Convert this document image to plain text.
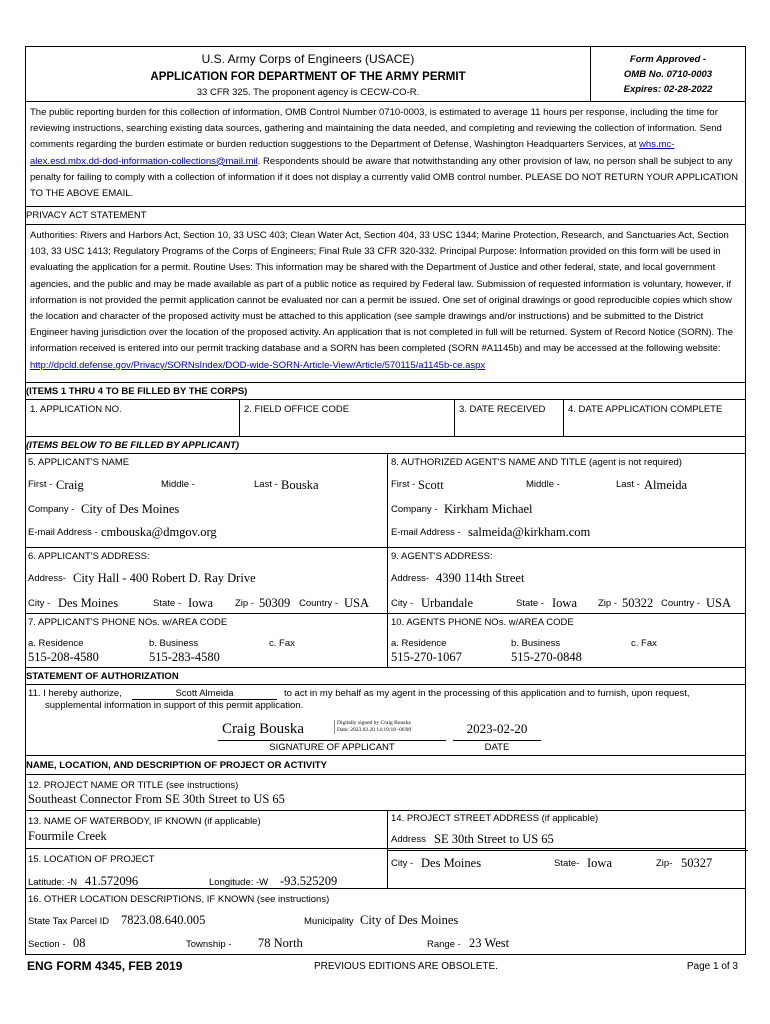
U.S. Army Corps of Engineers (USACE)
APPLICATION FOR DEPARTMENT OF THE ARMY PERMIT
33 CFR 325. The proponent agency is CECW-CO-R.
Form Approved -
OMB No. 0710-0003
Expires: 02-28-2022
The public reporting burden for this collection of information, OMB Control Number 0710-0003, is estimated to average 11 hours per response, including the time for reviewing instructions, searching existing data sources, gathering and maintaining the data needed, and completing and reviewing the collection of information. Send comments regarding the burden estimate or burden reduction suggestions to the Department of Defense, Washington Headquarters Services, at whs.mc-alex.esd.mbx.dd-dod-information-collections@mail.mil. Respondents should be aware that notwithstanding any other provision of law, no person shall be subject to any penalty for failing to comply with a collection of information if it does not display a currently valid OMB control number. PLEASE DO NOT RETURN YOUR APPLICATION TO THE ABOVE EMAIL.
PRIVACY ACT STATEMENT
Authorities: Rivers and Harbors Act, Section 10, 33 USC 403; Clean Water Act, Section 404, 33 USC 1344; Marine Protection, Research, and Sanctuaries Act, Section 103, 33 USC 1413; Regulatory Programs of the Corps of Engineers; Final Rule 33 CFR 320-332. Principal Purpose: Information provided on this form will be used in evaluating the application for a permit. Routine Uses: This information may be shared with the Department of Justice and other federal, state, and local government agencies, and the public and may be made available as part of a public notice as required by Federal law. Submission of requested information is voluntary, however, if information is not provided the permit application cannot be evaluated nor can a permit be issued. One set of original drawings or good reproducible copies which show the location and character of the proposed activity must be attached to this application (see sample drawings and/or instructions) and be submitted to the District Engineer having jurisdiction over the location of the proposed activity. An application that is not completed in full will be returned. System of Record Notice (SORN). The information received is entered into our permit tracking database and a SORN has been completed (SORN #A1145b) and may be accessed at the following website: http://dpcld.defense.gov/Privacy/SORNsIndex/DOD-wide-SORN-Article-View/Article/570115/a1145b-ce.aspx
(ITEMS 1 THRU 4 TO BE FILLED BY THE CORPS)
1. APPLICATION NO.	2. FIELD OFFICE CODE	3. DATE RECEIVED	4. DATE APPLICATION COMPLETE
(ITEMS BELOW TO BE FILLED BY APPLICANT)
5. APPLICANT'S NAME
First - Craig	Middle -	Last - Bouska
Company - City of Des Moines
E-mail Address - cmbouska@dmgov.org
8. AUTHORIZED AGENT'S NAME AND TITLE (agent is not required)
First - Scott	Middle -	Last - Almeida
Company - Kirkham Michael
E-mail Address - salmeida@kirkham.com
6. APPLICANT'S ADDRESS:
Address- City Hall - 400 Robert D. Ray Drive
City - Des Moines	State - Iowa Zip - 50309 Country - USA
9. AGENT'S ADDRESS:
Address- 4390 114th Street
City - Urbandale	State - Iowa Zip - 50322 Country - USA
7. APPLICANT'S PHONE NOs. w/AREA CODE
a. Residence
515-208-4580
b. Business
515-283-4580
c. Fax
10. AGENTS PHONE NOs. w/AREA CODE
a. Residence
515-270-1067
b. Business
515-270-0848
c. Fax
STATEMENT OF AUTHORIZATION
11. I hereby authorize,	Scott Almeida	to act in my behalf as my agent in the processing of this application and to furnish, upon request,
supplemental information in support of this permit application.
Craig Bouska	Digitally signed by Craig Bouska
Date: 2023.02.20 14:19:18 -06'00'	2023-02-20
SIGNATURE OF APPLICANT	DATE
NAME, LOCATION, AND DESCRIPTION OF PROJECT OR ACTIVITY
12. PROJECT NAME OR TITLE (see instructions)
Southeast Connector From SE 30th Street to US 65
13. NAME OF WATERBODY, IF KNOWN (if applicable)
Fourmile Creek
14. PROJECT STREET ADDRESS (if applicable)
15. LOCATION OF PROJECT
Latitude: -N 41.572096	Longitude: -W -93.525209
Address SE 30th Street to US 65
City - Des Moines	State- Iowa	Zip- 50327
16. OTHER LOCATION DESCRIPTIONS, IF KNOWN (see instructions)
State Tax Parcel ID 7823.08.640.005	Municipality City of Des Moines
Section - 08	Township - 78 North	Range - 23 West
ENG FORM 4345, FEB 2019	PREVIOUS EDITIONS ARE OBSOLETE.	Page 1 of 3
